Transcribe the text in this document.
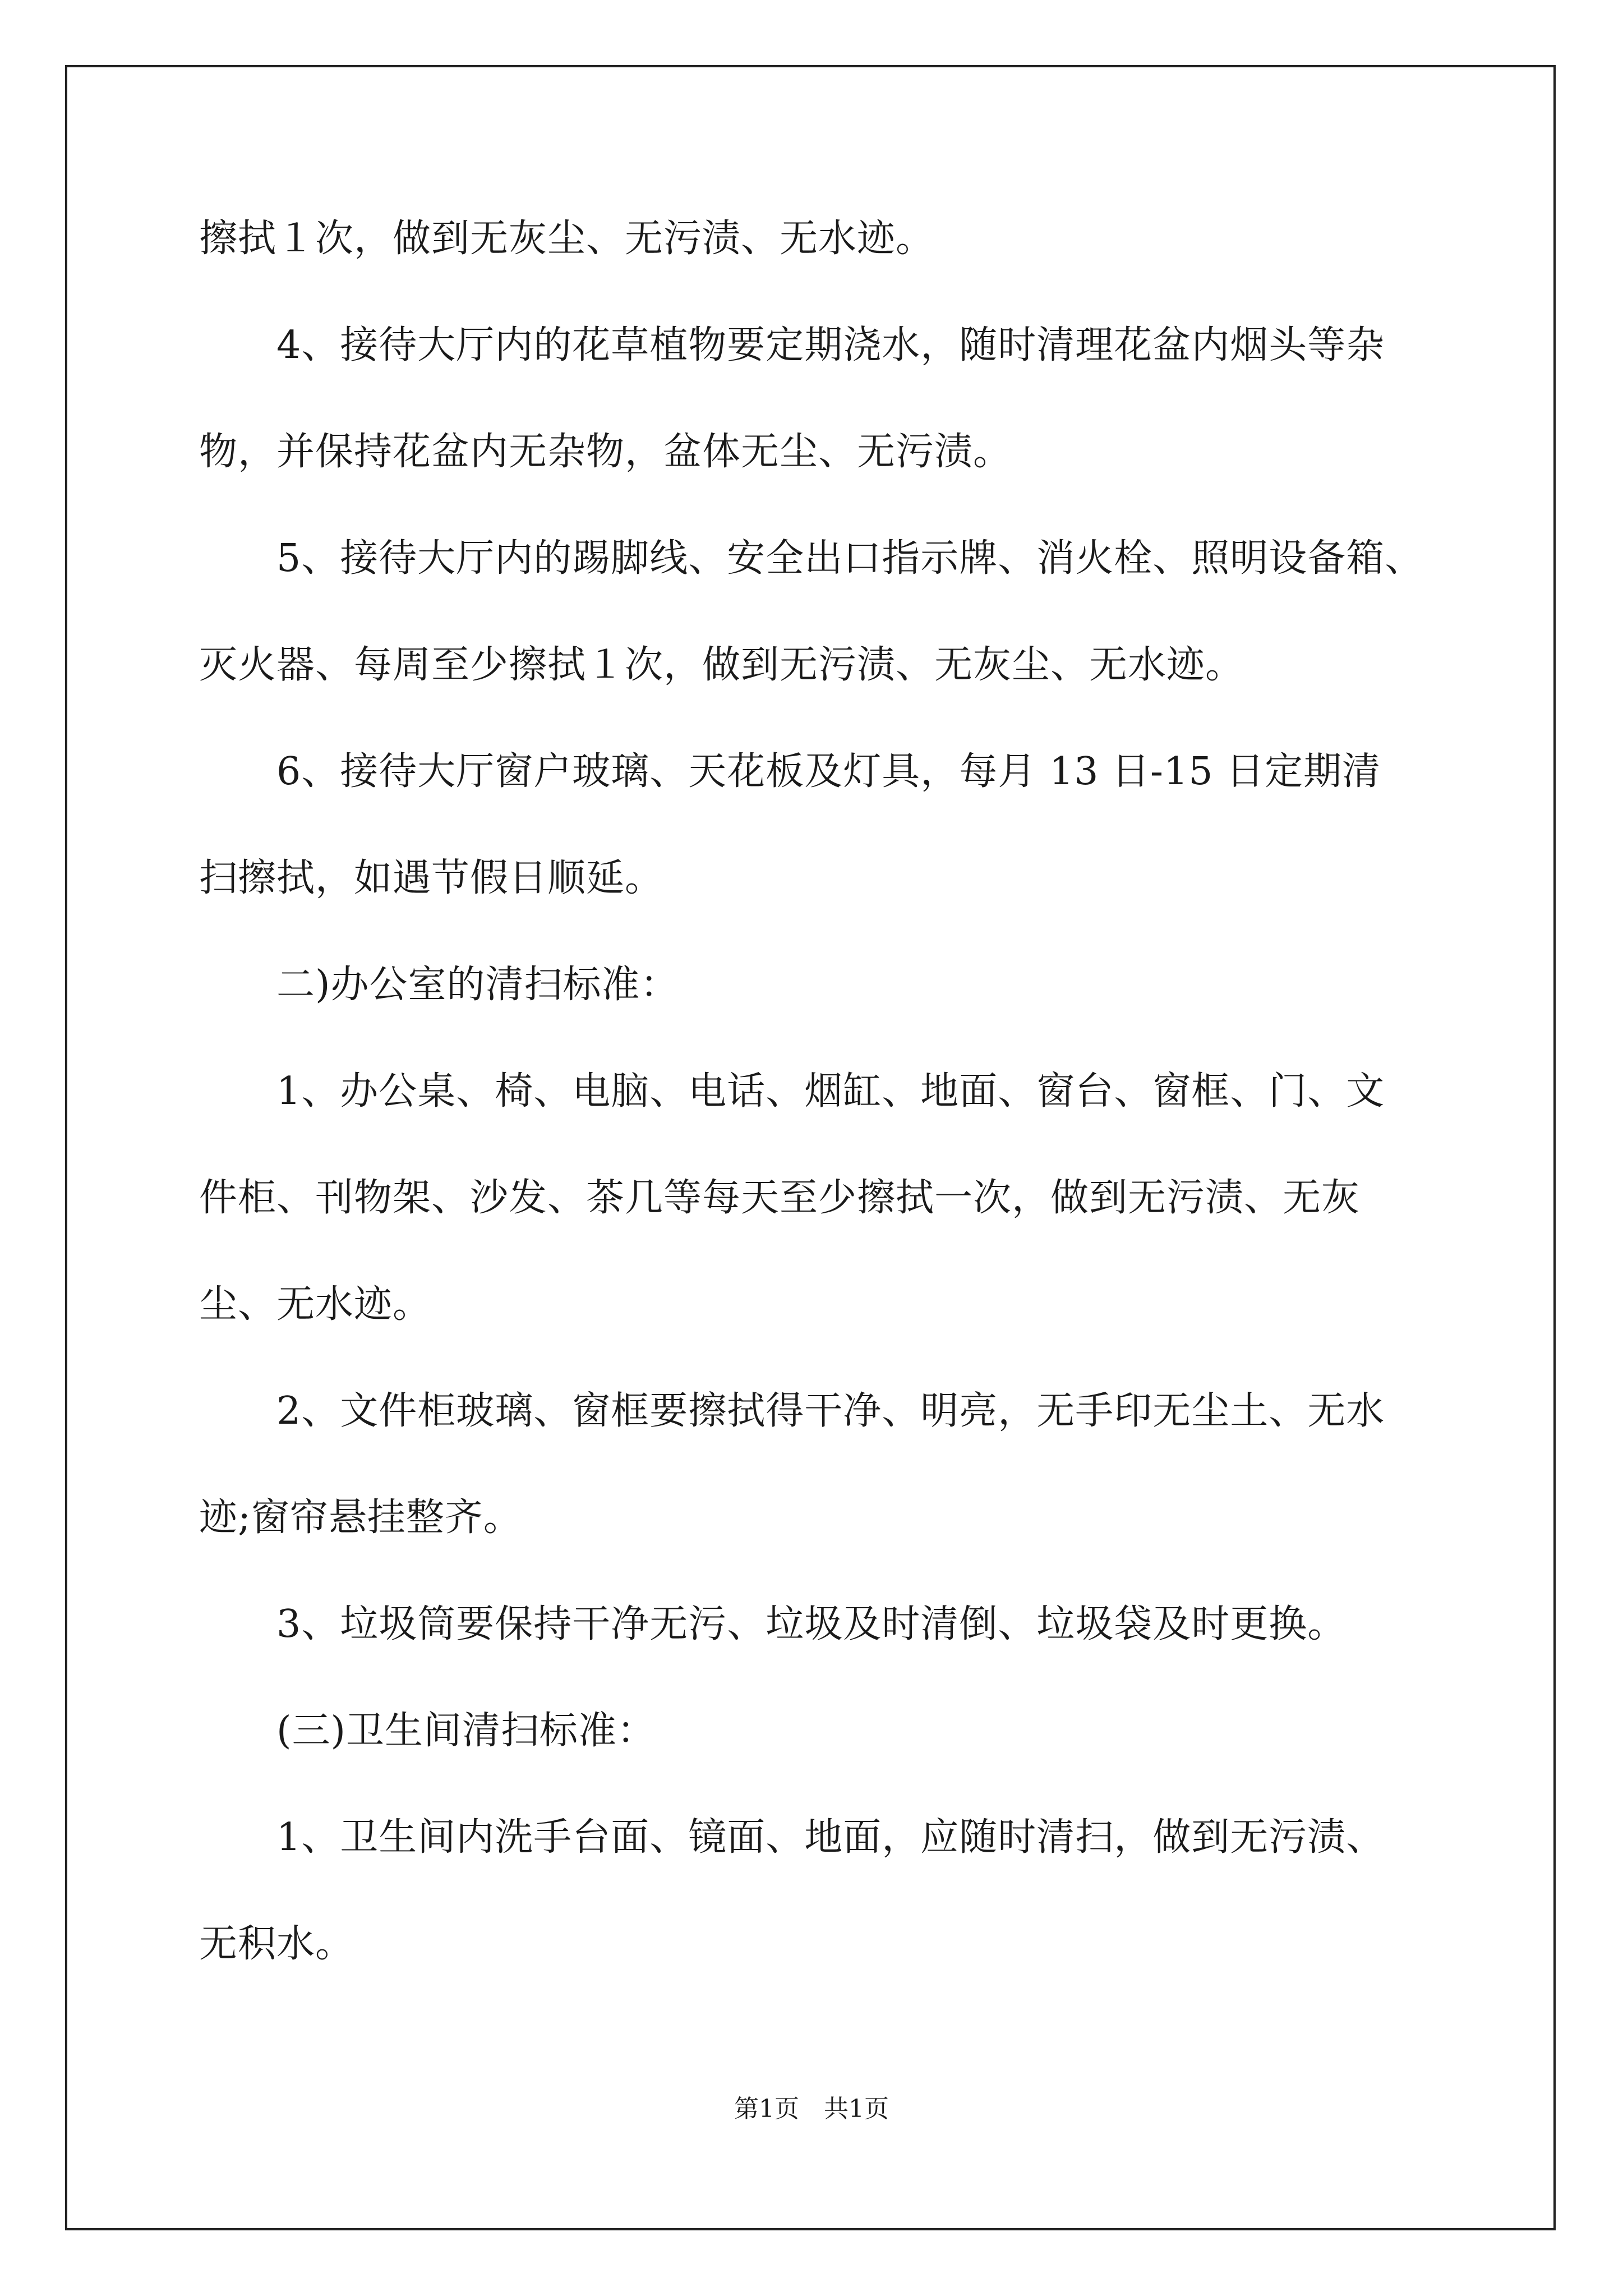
擦拭１次，做到无灰尘、无污渍、无水迹。
　　4、接待大厅内的花草植物要定期浇水，随时清理花盆内烟头等杂
物，并保持花盆内无杂物，盆体无尘、无污渍。
　　5、接待大厅内的踢脚线、安全出口指示牌、消火栓、照明设备箱、
灭火器、每周至少擦拭１次，做到无污渍、无灰尘、无水迹。
　　6、接待大厅窗户玻璃、天花板及灯具，每月 13 日-15 日定期清
扫擦拭，如遇节假日顺延。
　　二)办公室的清扫标准：
　　1、办公桌、椅、电脑、电话、烟缸、地面、窗台、窗框、门、文
件柜、刊物架、沙发、茶几等每天至少擦拭一次，做到无污渍、无灰
尘、无水迹。
　　2、文件柜玻璃、窗框要擦拭得干净、明亮，无手印无尘土、无水
迹;窗帘悬挂整齐。
　　3、垃圾筒要保持干净无污、垃圾及时清倒、垃圾袋及时更换。
　　(三)卫生间清扫标准：
　　1、卫生间内洗手台面、镜面、地面，应随时清扫，做到无污渍、
无积水。
第1页　共1页
